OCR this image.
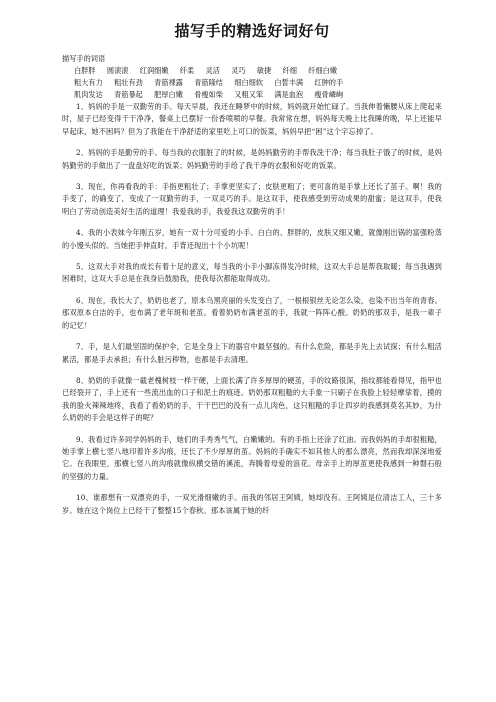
描写手的精选好词好句
描写手的词语
白胖胖 圆滚滚 红润细嫩 纤柔 灵活 灵巧 敏捷 纤细 纤细白嫩
粗大有力 粗壮有劲 青筋裸露 青筋隆结 细白细软 白皙丰满 红肿的手
肌肉发达 青筋暴起 肥厚白嫩 骨瘦如柴 又粗又笨 满是血泡 瘦骨嶙峋

1、妈妈的手是一双勤劳的手。每天早晨，我还在睡梦中的时候，妈妈就开始忙碌了。当我伸着懒腰从床上爬起来时，屋子已经变得干干净净，餐桌上已摆好一份香喷喷的早餐。我常常在想，妈妈每天晚上比我睡的晚，早上还能早早起床，她不困吗？但为了我能在干净舒适的家里吃上可口的饭菜，妈妈早把“困”这个字忘掉了。

2、妈妈的手是勤劳的手。每当我的衣服脏了的时候，是妈妈勤劳的手帮我洗干净；每当我肚子饿了的时候，是妈妈勤劳的手做出了一盘盘好吃的饭菜；妈妈勤劳的手给了我干净的衣服和好吃的饭菜。

3、现在，你再看我的手：手指更粗壮了；手掌更坚实了；皮肤更粗了；更可喜的是手掌上还长了茧子。啊！我的手变了，的确变了，变成了一双勤劳的手，一双灵巧的手。是这双手，使我感受到劳动成果的甜蜜；是这双手，使我明白了劳动创造美好生活的道理！我爱我的手，我爱我这双勤劳的手！

4、我的小表妹今年刚五岁，她有一双十分可爱的小手。白白的、胖胖的，皮肤又细又嫩，就像刚出锅的富强粉蒸的小馒头似的。当她把手伸直时，手背还现出十个小坑呢！

5、这双大手对我的成长有着十足的意义，每当我的小手小脚冻得发冷时候，这双大手总是帮我取暖；每当我遇到困难时，这双大手总是在我身后鼓励我，使我每次都能取得成功。

6、现在，我长大了，奶奶也老了，原本乌黑亮丽的头发变白了，一根根银丝无论怎么染，也染不出当年的青春。那双原本白洁的手，也布满了老年斑和老茧。看着奶奶布满老茧的手，我就一阵阵心酸。奶奶的那双手，是我一辈子的记忆！

7、手，是人们最坚固的保护伞，它是全身上下的器官中最坚强的。有什么危险，都是手先上去试探；有什么粗活累活，都是手去承担；有什么脏污秽物，也都是手去清理。

8、奶奶的手就像一截老槐树枝一样干硬，上面长满了许多厚厚的硬茧，手的纹路很深，指纹都能看得见，指甲也已经裂开了，手上还有一些流出血的口子和泥土的痕迹。奶奶那双粗糙的大手象一只刷子在我脸上轻轻摩挲着，摸的我的脸火辣辣地疼，我看了看奶奶的手，干干巴巴的没有一点儿肉色，这只粗糙的手让四岁的我感到莫名其妙，为什么奶奶的手会是这样子的呢？

9、我看过许多同学妈妈的手，她们的手秀秀气气，白嫩嫩的。有的手指上还涂了红油。而我妈妈的手却很粗糙，她手掌上横七竖八地印着许多沟痕，还长了不少厚厚的茧。妈妈的手确实不如其他人的那么漂亮，然而我却深深地爱它。在我眼里，那横七竖八的沟痕就像纵横交错的溪流，奔腾着母爱的浪花。母亲手上的厚茧更使我感到一种磐石般的坚强的力量。

10、谁都想有一双漂亮的手，一双光滑细嫩的手。而我的邻居王阿姨，她却没有。王阿姨是位清洁工人，三十多岁。她在这个岗位上已经干了整整15个春秋。那本该属于她的纤
